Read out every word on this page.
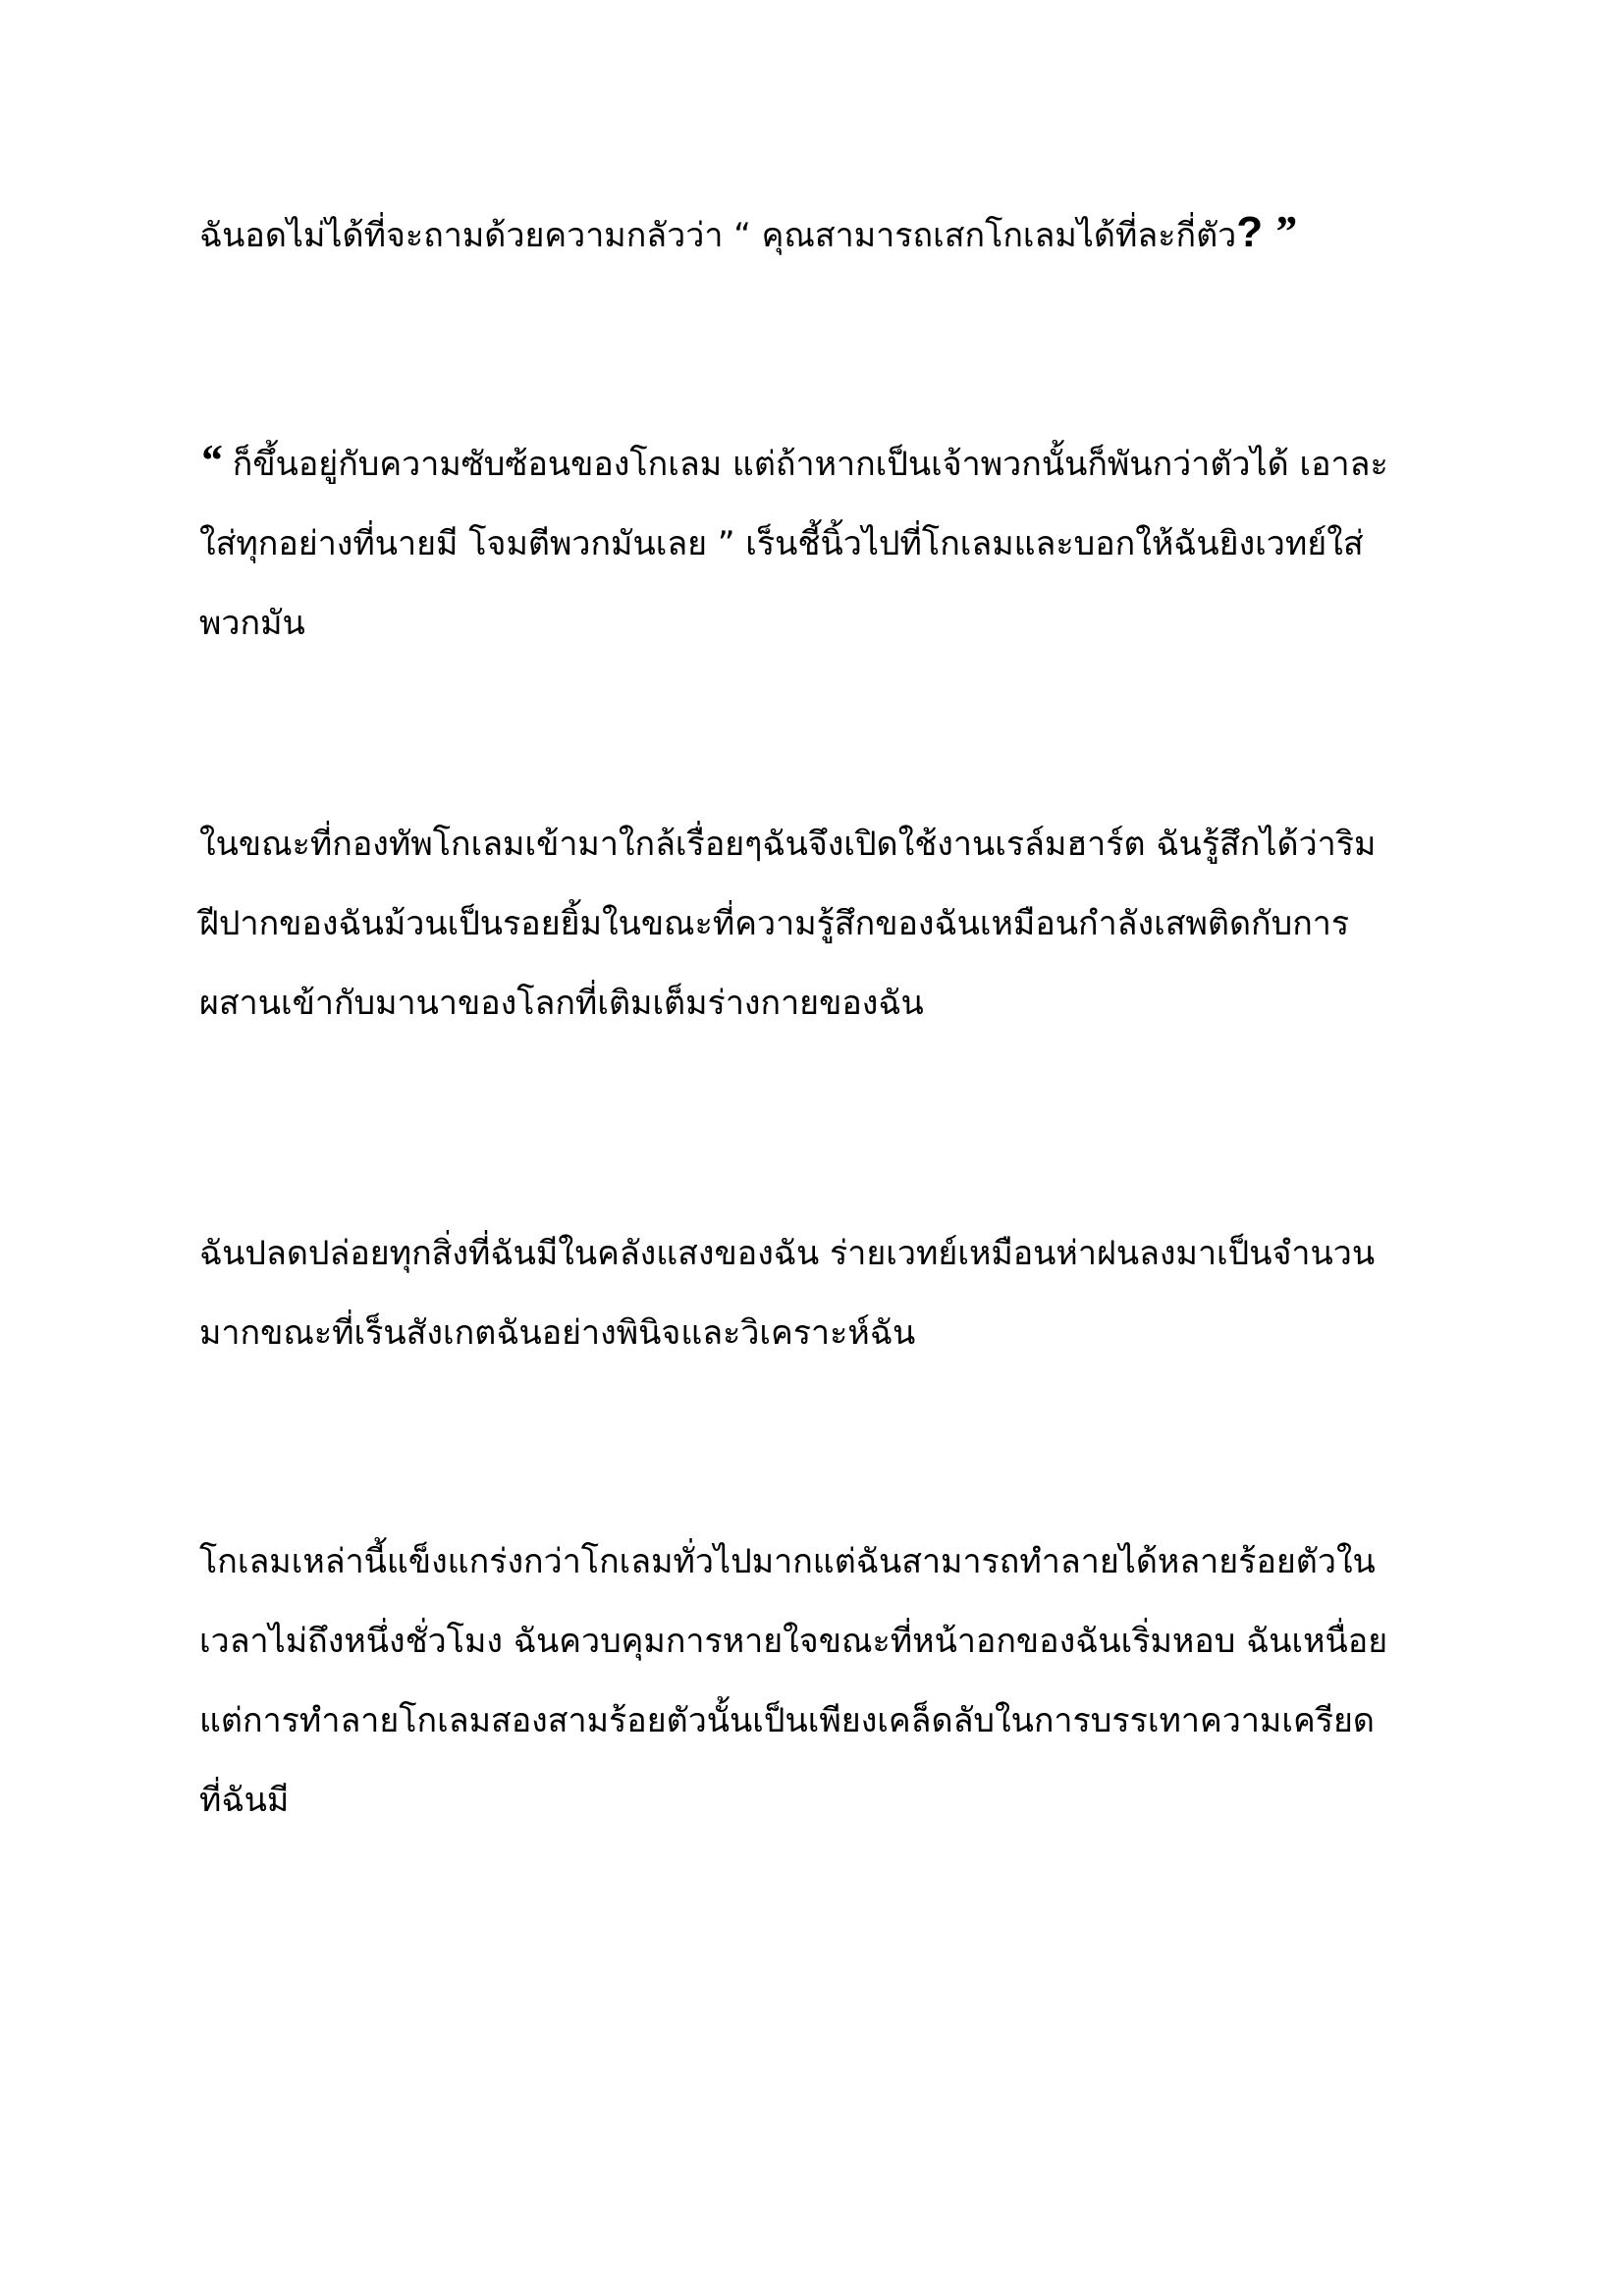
ฉันอดไม่ได้ที่จะถามด้วยความกลัวว่า “ คุณสามารถเสกโกเลมได้ที่ละกี่ตัว? ”

“ ก็ขึ้นอยู่กับความซับซ้อนของโกเลม แต่ถ้าหากเป็นเจ้าพวกนั้นก็พันกว่าตัวได้ เอาละ
ใส่ทุกอย่างที่นายมี โจมตีพวกมันเลย ” เร็นชี้นิ้วไปที่โกเลมและบอกให้ฉันยิงเวทย์ใส่
พวกมัน

ในขณะที่กองทัพโกเลมเข้ามาใกล้เรื่อยๆฉันจึงเปิดใช้งานเรล์มฮาร์ต ฉันรู้สึกได้ว่าริม
ฝีปากของฉันม้วนเป็นรอยยิ้มในขณะที่ความรู้สึกของฉันเหมือนกำลังเสพติดกับการ
ผสานเข้ากับมานาของโลกที่เติมเต็มร่างกายของฉัน

ฉันปลดปล่อยทุกสิ่งที่ฉันมีในคลังแสงของฉัน ร่ายเวทย์เหมือนห่าฝนลงมาเป็นจำนวน
มากขณะที่เร็นสังเกตฉันอย่างพินิจและวิเคราะห์ฉัน

โกเลมเหล่านี้แข็งแกร่งกว่าโกเลมทั่วไปมากแต่ฉันสามารถทำลายได้หลายร้อยตัวใน
เวลาไม่ถึงหนึ่งชั่วโมง ฉันควบคุมการหายใจขณะที่หน้าอกของฉันเริ่มหอบ ฉันเหนื่อย
แต่การทำลายโกเลมสองสามร้อยตัวนั้นเป็นเพียงเคล็ดลับในการบรรเทาความเครียด
ที่ฉันมี
